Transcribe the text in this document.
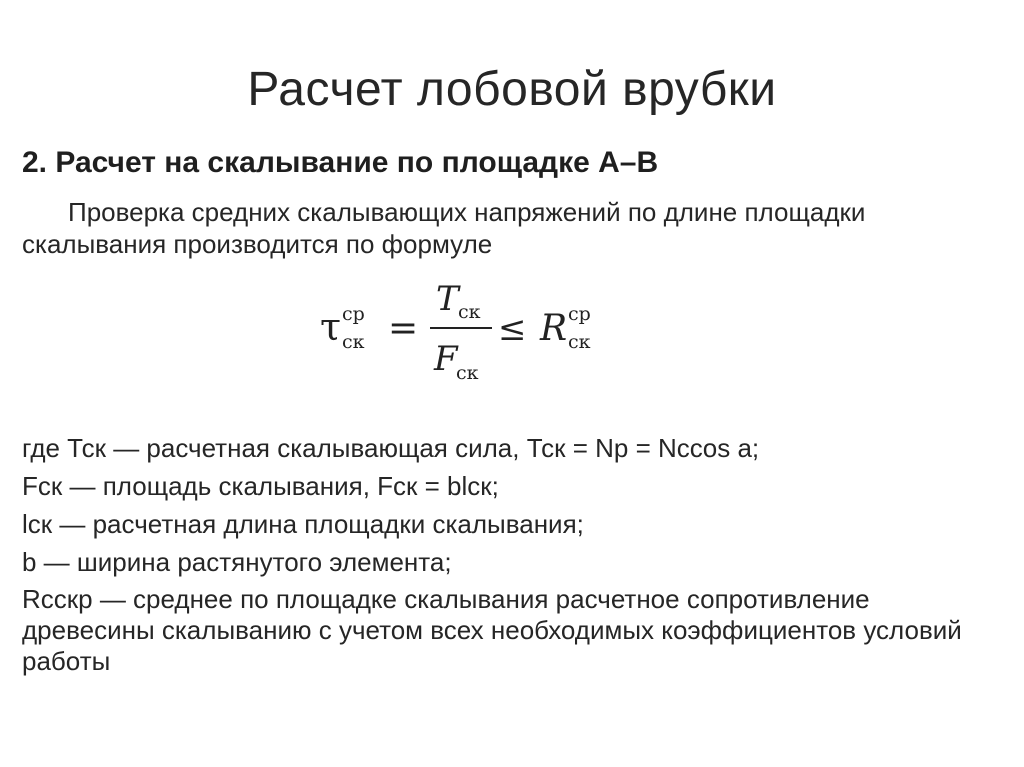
Расчет лобовой врубки
2. Расчет на скалывание по площадке А–В
Проверка средних скалывающих напряжений по длине площадки скалывания производится по формуле
τ ср
ск =
T ск
F
ск
≤ R ср
ск
где Тск — расчетная скалывающая сила, Тск = Nр = Nссos a;
Fск — площадь скалывания, Fск = blск;
lск — расчетная длина площадки скалывания;
b — ширина растянутого элемента;
Rсскр — среднее по площадке скалывания расчетное сопротивление древесины скалыванию с учетом всех необходимых коэффициентов условий работы
